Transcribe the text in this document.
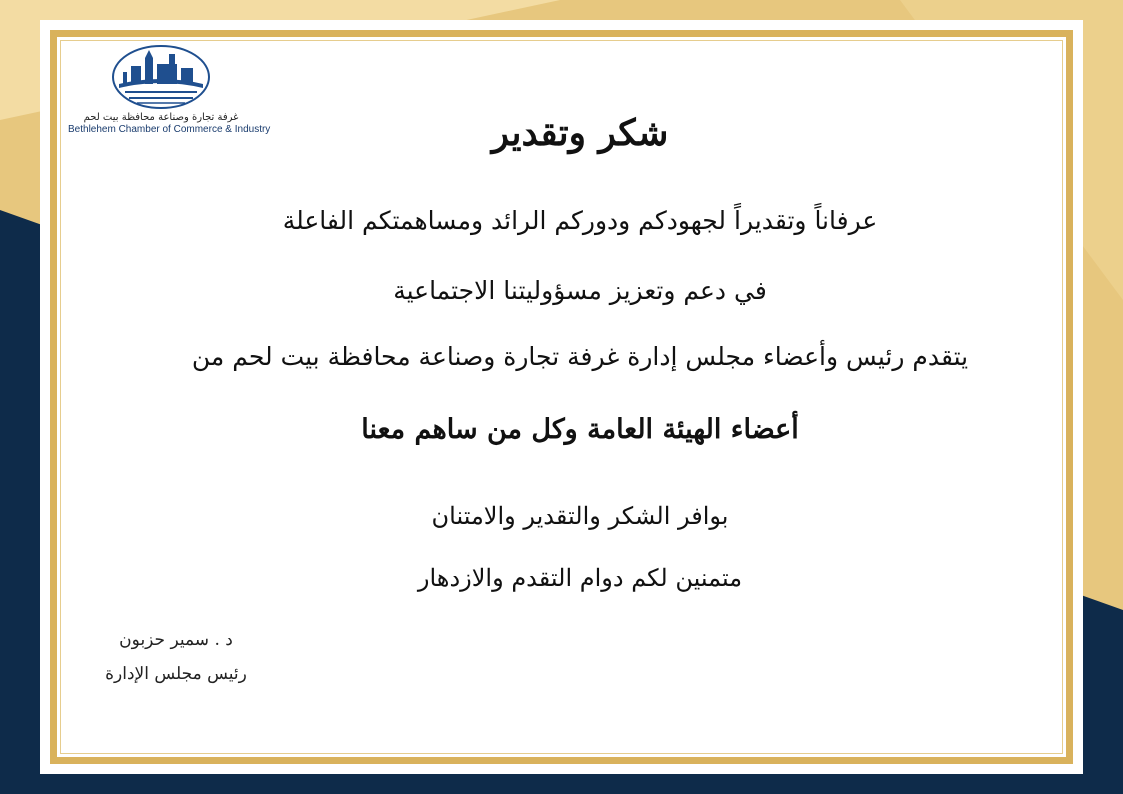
غرفة تجارة وصناعة محافظة بيت لحم
Bethlehem Chamber of Commerce & Industry	شكر وتقدير
عرفاناً وتقديراً لجهودكم ودوركم الرائد ومساهمتكم الفاعلة
في دعم وتعزيز مسؤوليتنا الاجتماعية
يتقدم رئيس وأعضاء مجلس إدارة غرفة تجارة وصناعة محافظة بيت لحم من
أعضاء الهيئة العامة وكل من ساهم معنا
بوافر الشكر والتقدير والامتنان
متمنين لكم دوام التقدم والازدهار
د . سمير حزبون
رئيس مجلس الإدارة
